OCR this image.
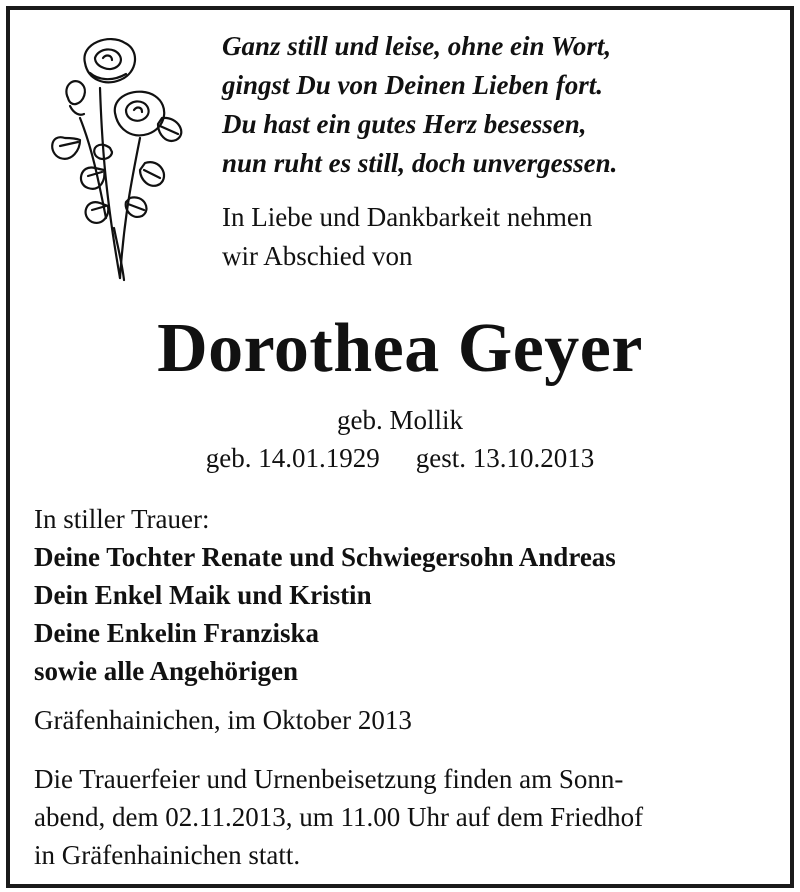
Ganz still und leise, ohne ein Wort,
gingst Du von Deinen Lieben fort.
Du hast ein gutes Herz besessen,
nun ruht es still, doch unvergessen.
In Liebe und Dankbarkeit nehmen
wir Abschied von
Dorothea Geyer
geb. Mollik
geb. 14.01.1929 gest. 13.10.2013
In stiller Trauer:
Deine Tochter Renate und Schwiegersohn Andreas
Dein Enkel Maik und Kristin
Deine Enkelin Franziska
sowie alle Angehörigen
Gräfenhainichen, im Oktober 2013
Die Trauerfeier und Urnenbeisetzung finden am Sonn-
abend, dem 02.11.2013, um 11.00 Uhr auf dem Friedhof
in Gräfenhainichen statt.
